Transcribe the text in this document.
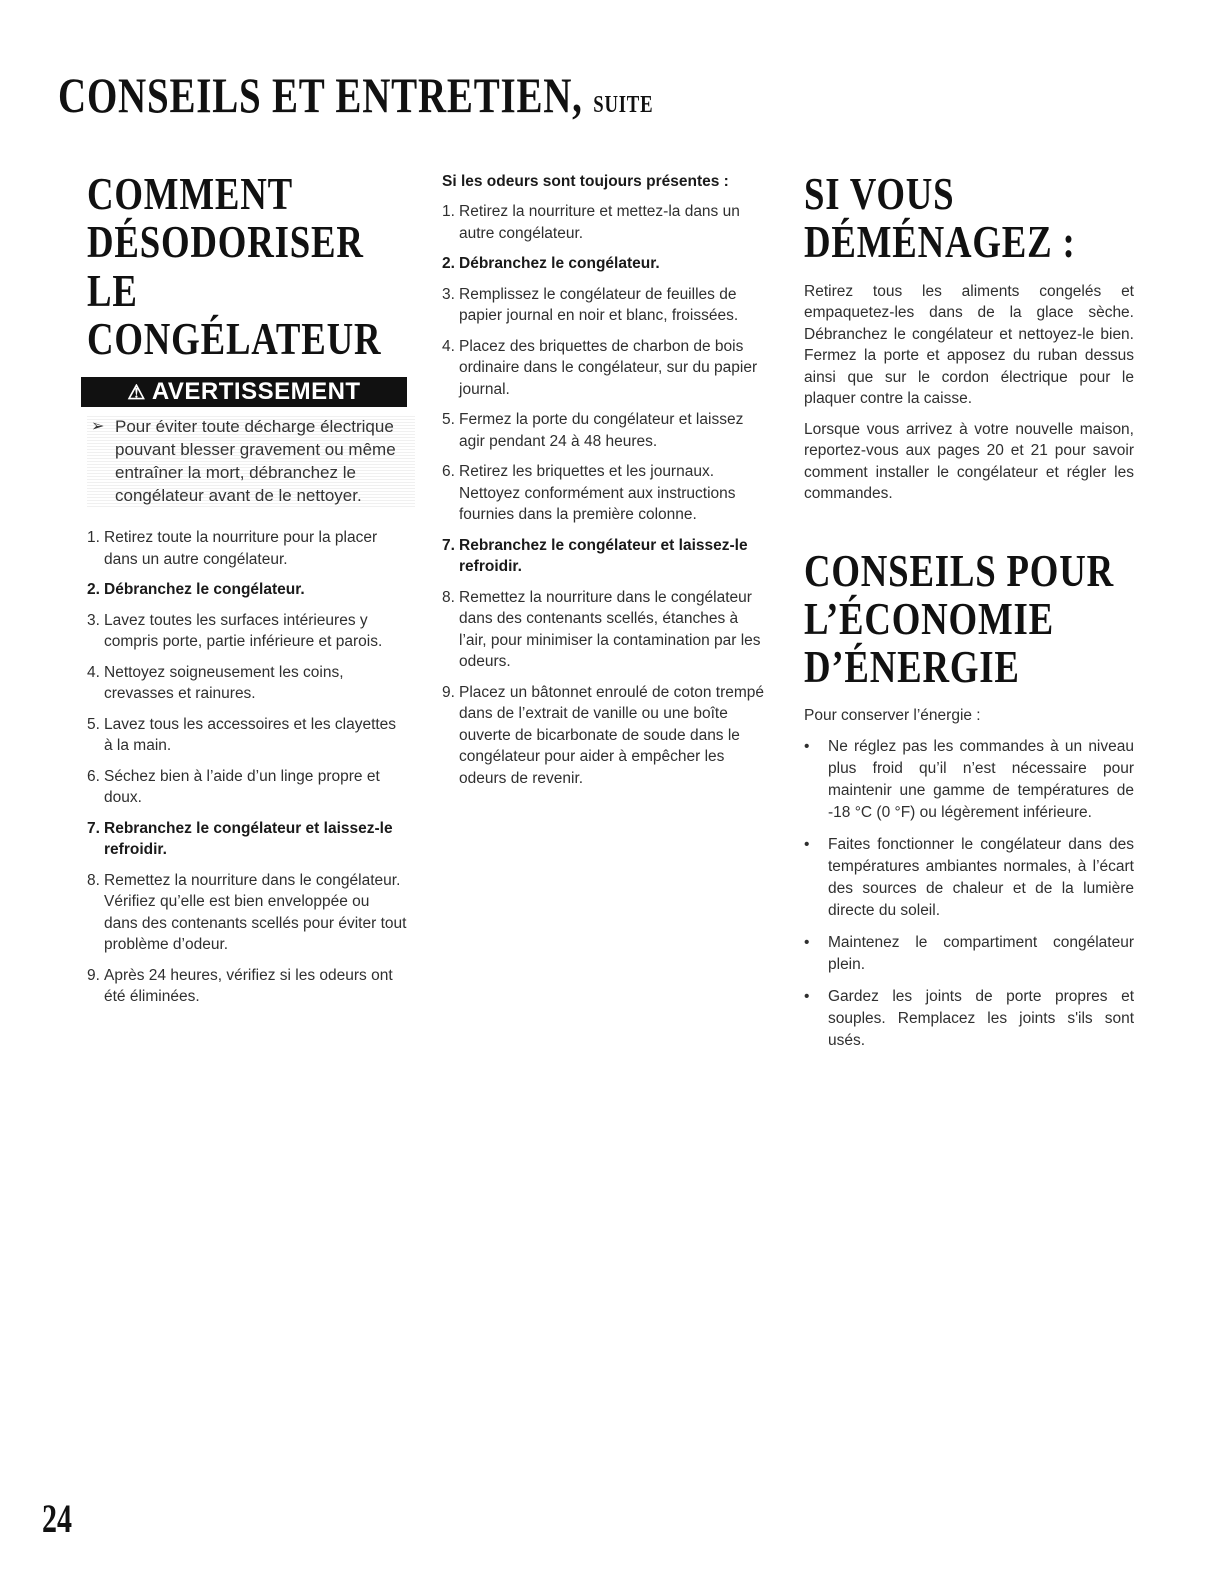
CONSEILS ET ENTRETIEN, SUITE
COMMENT DÉSODORISER LE CONGÉLATEUR
⚠ AVERTISSEMENT

➢ Pour éviter toute décharge électrique pouvant blesser gravement ou même entraîner la mort, débranchez le congélateur avant de le nettoyer.

1. Retirez toute la nourriture pour la placer dans un autre congélateur.
2. Débranchez le congélateur.
3. Lavez toutes les surfaces intérieures y compris porte, partie inférieure et parois.
4. Nettoyez soigneusement les coins, crevasses et rainures.
5. Lavez tous les accessoires et les clayettes à la main.
6. Séchez bien à l’aide d’un linge propre et doux.
7. Rebranchez le congélateur et laissez-le refroidir.
8. Remettez la nourriture dans le congélateur. Vérifiez qu’elle est bien enveloppée ou dans des contenants scellés pour éviter tout problème d’odeur.
9. Après 24 heures, vérifiez si les odeurs ont été éliminées.

Si les odeurs sont toujours présentes :

1. Retirez la nourriture et mettez-la dans un autre congélateur.
2. Débranchez le congélateur.
3. Remplissez le congélateur de feuilles de papier journal en noir et blanc, froissées.
4. Placez des briquettes de charbon de bois ordinaire dans le congélateur, sur du papier journal.
5. Fermez la porte du congélateur et laissez agir pendant 24 à 48 heures.
6. Retirez les briquettes et les journaux. Nettoyez conformément aux instructions fournies dans la première colonne.
7. Rebranchez le congélateur et laissez-le refroidir.
8. Remettez la nourriture dans le congélateur dans des contenants scellés, étanches à l’air, pour minimiser la contamination par les odeurs.
9. Placez un bâtonnet enroulé de coton trempé dans de l’extrait de vanille ou une boîte ouverte de bicarbonate de soude dans le congélateur pour aider à empêcher les odeurs de revenir.
SI VOUS DÉMÉNAGEZ :

Retirez tous les aliments congelés et empaquetez-les dans de la glace sèche. Débranchez le congélateur et nettoyez-le bien. Fermez la porte et apposez du ruban dessus ainsi que sur le cordon électrique pour le plaquer contre la caisse.

Lorsque vous arrivez à votre nouvelle maison, reportez-vous aux pages 20 et 21 pour savoir comment installer le congélateur et régler les commandes.

CONSEILS POUR L’ÉCONOMIE D’ÉNERGIE

Pour conserver l’énergie :

• Ne réglez pas les commandes à un niveau plus froid qu’il n’est nécessaire pour maintenir une gamme de températures de -18 °C (0 °F) ou légèrement inférieure.
• Faites fonctionner le congélateur dans des températures ambiantes normales, à l’écart des sources de chaleur et de la lumière directe du soleil.
• Maintenez le compartiment congélateur plein.
• Gardez les joints de porte propres et souples. Remplacez les joints s'ils sont usés.
24
